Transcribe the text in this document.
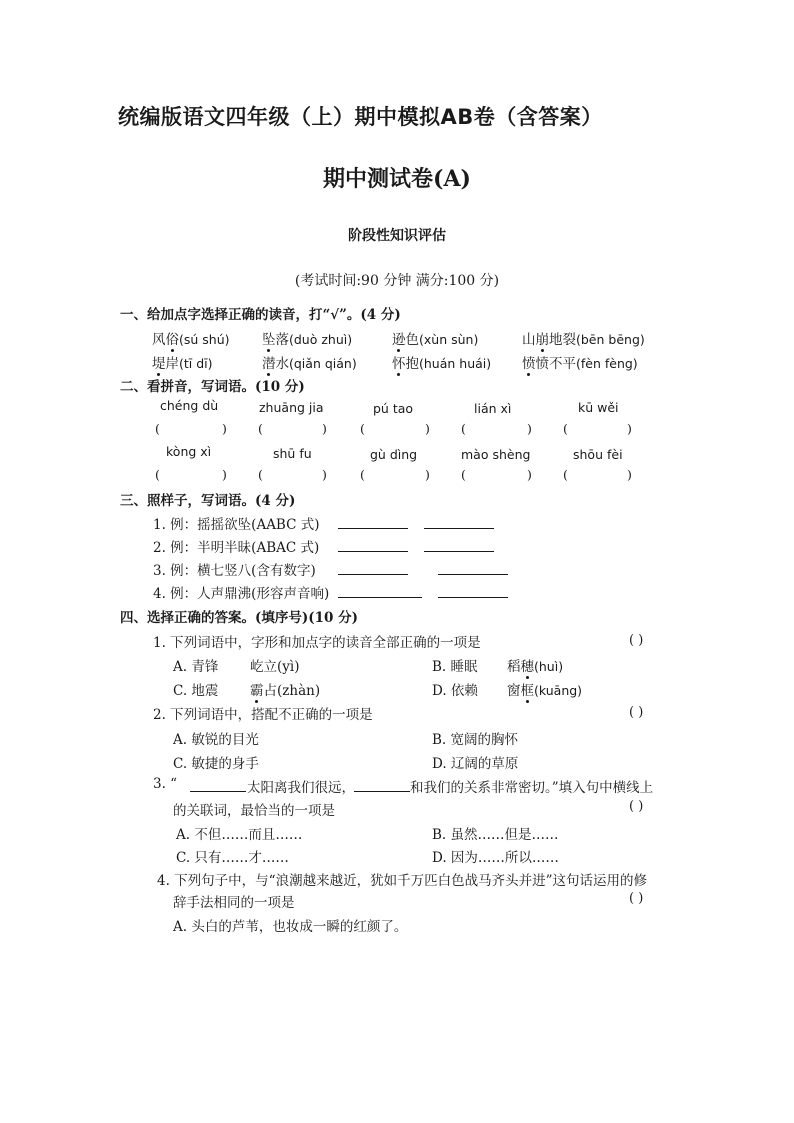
统编版语文四年级（上）期中模拟AB卷（含答案）
期中测试卷(A)
阶段性知识评估
(考试时间:90 分钟 满分:100 分)
一、给加点字选择正确的读音，打“√”。(4 分)
风俗(sú shú) 坠落(duò zhuì)	逊色(xùn sùn)	山崩地裂(bēn bēng)
堤岸(tī dī)	潜水(qiǎn qián)	怀抱(huán huái) 愤愤不平(fèn fèng)
二、看拼音，写词语。(10 分)
chéng dù	zhuāng jia	pú tao	lián xì	kū wěi
(	) (	)	(	) (	) (	)
kòng xì	shū fu	gù dìng	mào shèng	shōu fèi
(	) (	)	(	) (	) (	)
三、照样子，写词语。(4 分)
1. 例：摇摇欲坠(AABC 式)
2. 例：半明半昧(ABAC 式)
3. 例：横七竖八(含有数字)
4. 例：人声鼎沸(形容声音响)
四、选择正确的答案。(填序号)(10 分)
1. 下列词语中，字形和加点字的读音全部正确的一项是	( )
A. 青锋 屹立(yì)	B. 睡眠 稻穗(huì)
C. 地震 霸占(zhàn)	D. 依赖 窗框(kuāng)
2. 下列词语中，搭配不正确的一项是	( )
A. 敏锐的目光	B. 宽阔的胸怀
C. 敏捷的身手	D. 辽阔的草原
3. “	太阳离我们很远，	和我们的关系非常密切。”填入句中横线上
的关联词，最恰当的一项是	( )
A. 不但……而且……	B. 虽然……但是……
C. 只有……才……	D. 因为……所以……
4. 下列句子中，与“浪潮越来越近，犹如千万匹白色战马齐头并进”这句话运用的修
辞手法相同的一项是	( )
A. 头白的芦苇，也妆成一瞬的红颜了。
